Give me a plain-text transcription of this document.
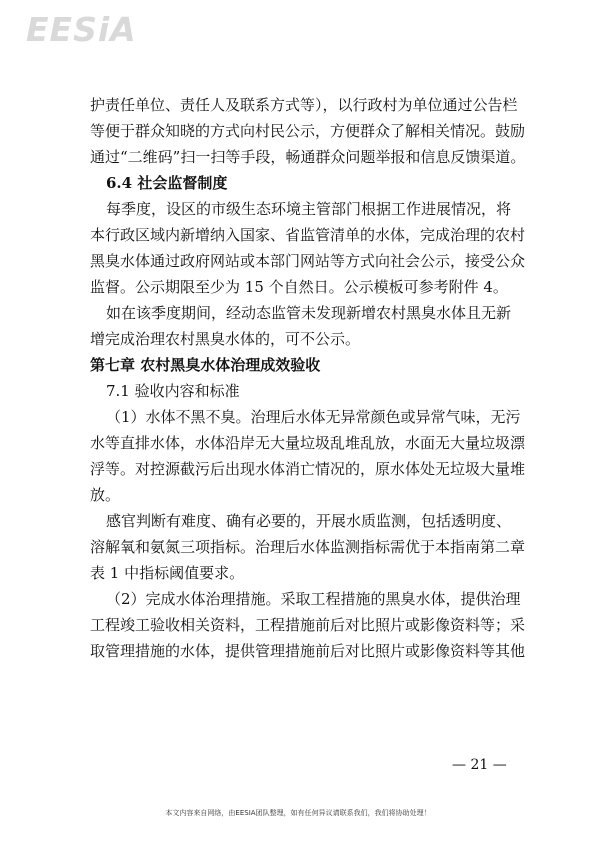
EESiA
护责任单位、责任人及联系方式等），以行政村为单位通过公告栏
等便于群众知晓的方式向村民公示，方便群众了解相关情况。鼓励
通过“二维码”扫一扫等手段，畅通群众问题举报和信息反馈渠道。
6.4 社会监督制度
每季度，设区的市级生态环境主管部门根据工作进展情况，将
本行政区域内新增纳入国家、省监管清单的水体，完成治理的农村
黑臭水体通过政府网站或本部门网站等方式向社会公示，接受公众
监督。公示期限至少为 15 个自然日。公示模板可参考附件 4。
如在该季度期间，经动态监管未发现新增农村黑臭水体且无新
增完成治理农村黑臭水体的，可不公示。
第七章 农村黑臭水体治理成效验收
7.1 验收内容和标准
（1）水体不黑不臭。治理后水体无异常颜色或异常气味，无污
水等直排水体，水体沿岸无大量垃圾乱堆乱放，水面无大量垃圾漂
浮等。对控源截污后出现水体消亡情况的，原水体处无垃圾大量堆
放。
感官判断有难度、确有必要的，开展水质监测，包括透明度、
溶解氧和氨氮三项指标。治理后水体监测指标需优于本指南第二章
表 1 中指标阈值要求。
（2）完成水体治理措施。采取工程措施的黑臭水体，提供治理
工程竣工验收相关资料，工程措施前后对比照片或影像资料等；采
取管理措施的水体，提供管理措施前后对比照片或影像资料等其他
— 21 —
本文内容来自网络，由EESIA团队整理，如有任何异议请联系我们，我们将协助处理！
